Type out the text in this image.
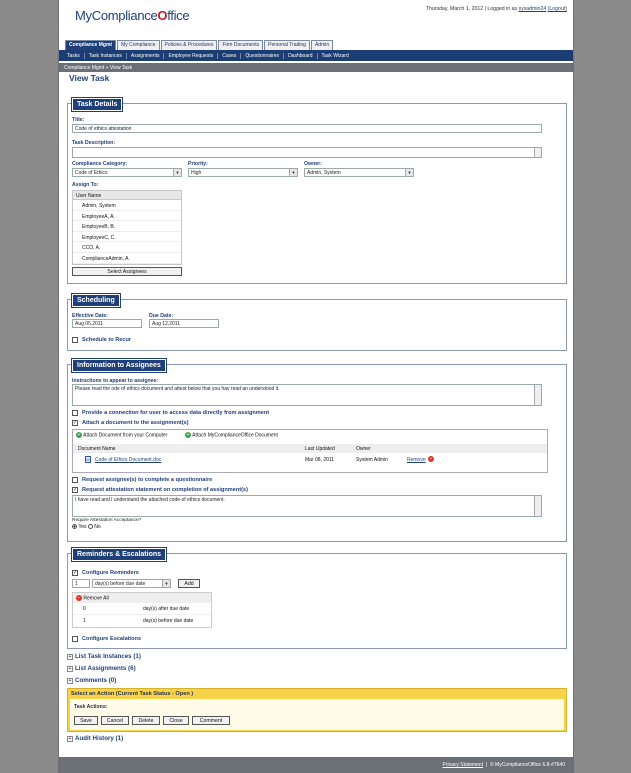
MyComplianceOffice	Thursday, March 1, 2012 | Logged in as sysadmin24 (Logout)
Compliance Mgmt	My Compliance	Policies & Procedures	Firm Documents	Personal Trading	Admin
Tasks	Task Instances	Assignments	Employee Requests	Cases	Questionnaires	Dashboard	Task Wizard
Compliance Mgmt » View Task
View Task
Task Details
Title:
Code of ethics attestation
Task Description:
Compliance Category:
Code of Ethics	▼
Priority:
High	▼
Owner:
Admin, System	▼
Assign To:
User Name
Admin, System
EmployeeA, A.
EmployeeB, B.
EmployeeC, C.
CCO, A.
ComplianceAdmin, A.
Select Assignees
Scheduling
Effective Date:
Aug 05,2011
Due Date:
Aug 12,2011
Schedule to Recur
Information to Assignees
Instructions to appear to assignee:
Please read the ode of ethics document and attest below that you hav read an understood it.
Provide a connection for user to access data directly from assignment
✓ Attach a document to the assignment(s)
+ Attach Document from your Computer	+ Attach MyComplianceOffice Document
Document Name	Last Updated	Owner
W Code of Ethics Document.doc	Mar 08, 2011	System Admin	Remove −
Request assignee(s) to complete a questionnaire
✓ Request attestation statement on completion of assignment(s)
I have read and I understand the attached code of ethics document.
Require Attestation Acceptance?
Yes No
Reminders & Escalations
✓ Configure Reminders
1	day(s) before due date	▼	Add
− Remove All
0	day(s) after due date
1	day(s) before due date
Configure Escalations
+ List Task Instances (1)
+ List Assignments (6)
+ Comments (0)
Select an Action (Current Task Status - Open )
Task Actions:
Save	Cancel	Delete	Close	Comment
+ Audit History (1)
Privacy Statement  |  © MyComplianceOffice 6.8-#7640
